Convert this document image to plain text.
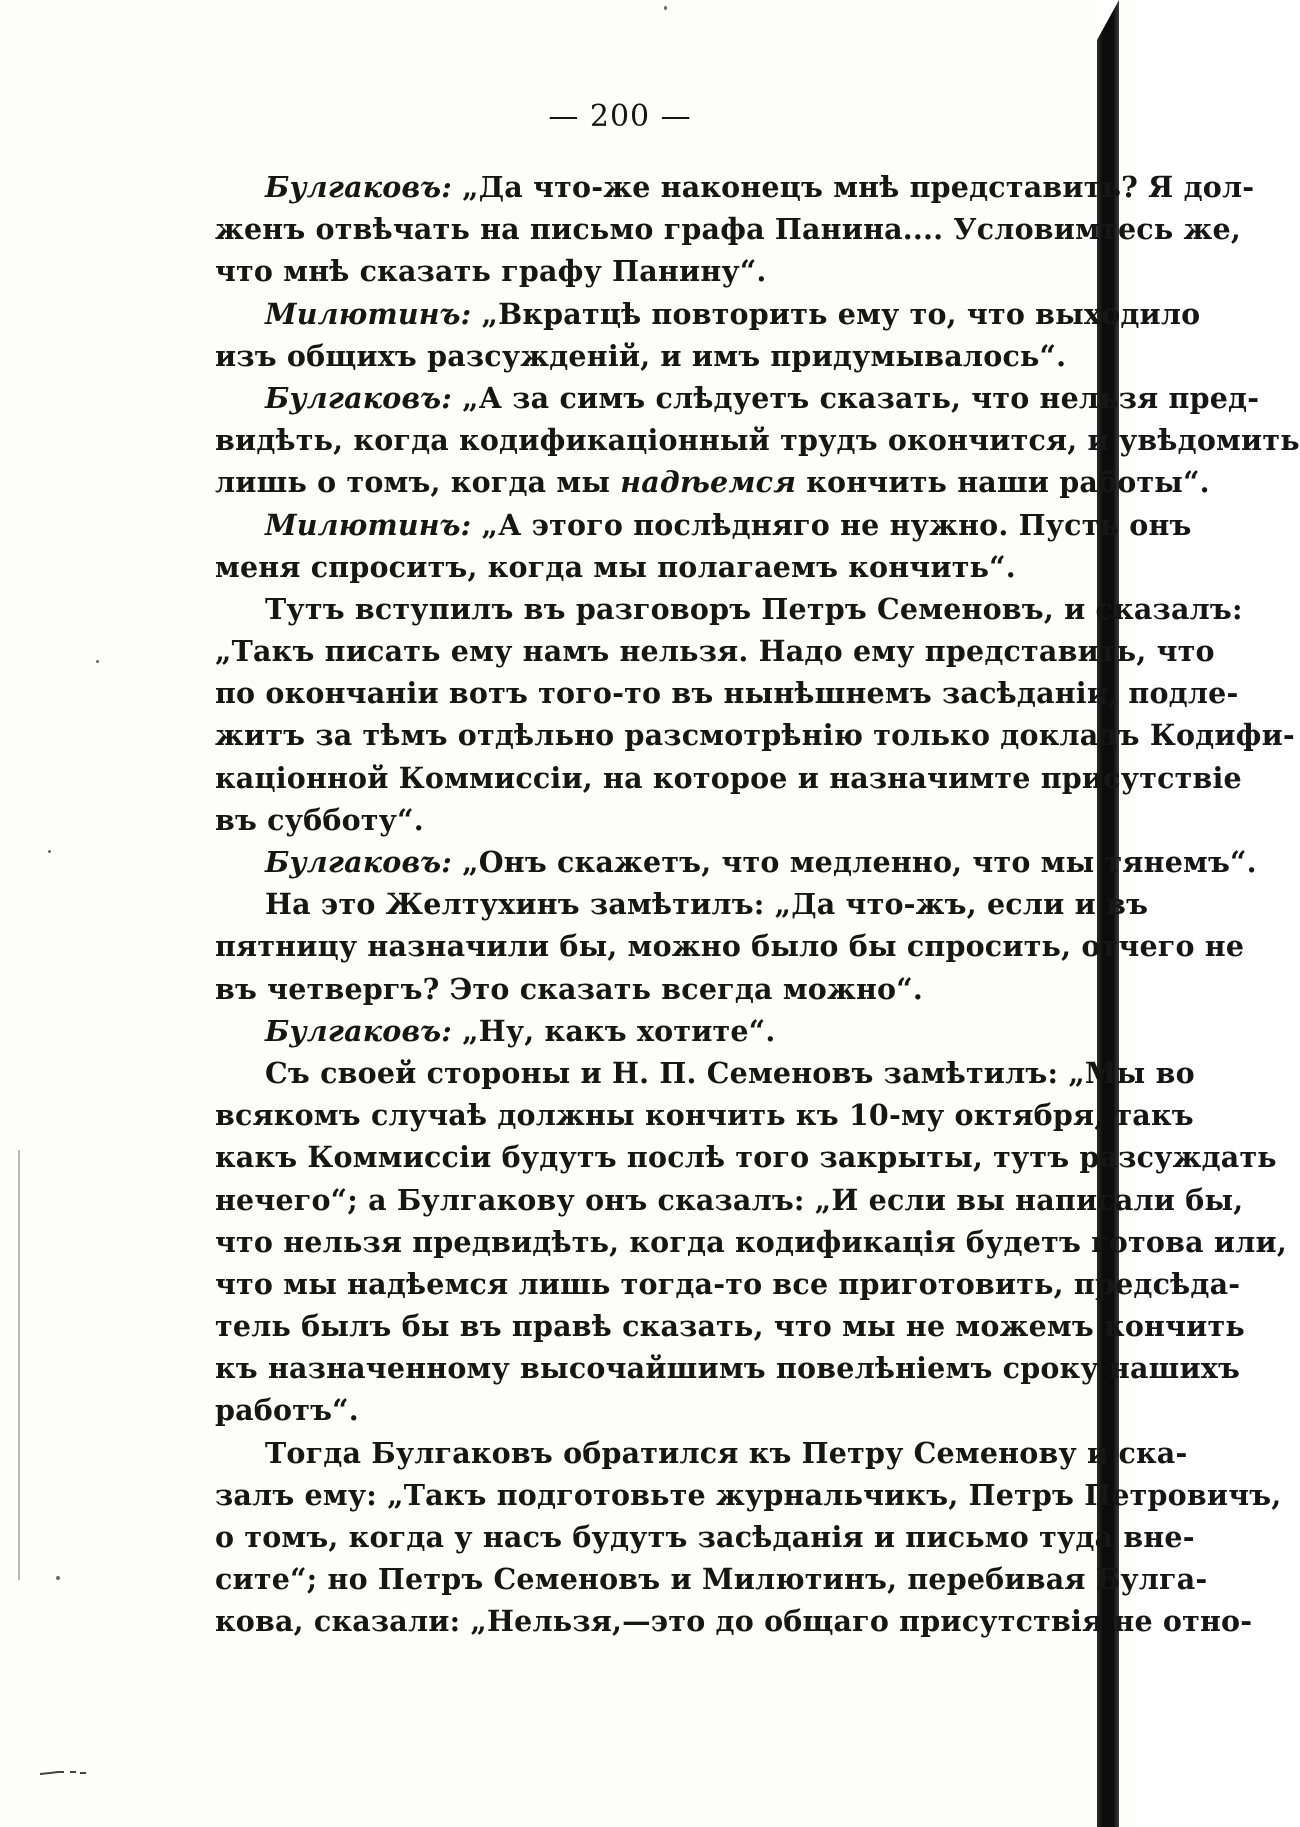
— 200 —
Булгаковъ: „Да что-же наконецъ мнѣ представить? Я дол-
женъ отвѣчать на письмо графа Панина.... Условимтесь же,
что мнѣ сказать графу Панину“.
Милютинъ: „Вкратцѣ повторить ему то, что выходило
изъ общихъ разсужденій, и имъ придумывалось“.
Булгаковъ: „А за симъ слѣдуетъ сказать, что нельзя пред-
видѣть, когда кодификаціонный трудъ окончится, и увѣдомить
лишь о томъ, когда мы надѣемся кончить наши работы“.
Милютинъ: „А этого послѣдняго не нужно. Пусть онъ
меня спроситъ, когда мы полагаемъ кончить“.
Тутъ вступилъ въ разговоръ Петръ Семеновъ, и сказалъ:
„Такъ писать ему намъ нельзя. Надо ему представить, что
по окончаніи вотъ того-то въ нынѣшнемъ засѣданіи, подле-
житъ за тѣмъ отдѣльно разсмотрѣнію только докладъ Кодифи-
каціонной Коммиссіи, на которое и назначимте присутствіе
въ субботу“.
Булгаковъ: „Онъ скажетъ, что медленно, что мы тянемъ“.
На это Желтухинъ замѣтилъ: „Да что-жъ, если и въ
пятницу назначили бы, можно было бы спросить, отчего не
въ четвергъ? Это сказать всегда можно“.
Булгаковъ: „Ну, какъ хотите“.
Съ своей стороны и Н. П. Семеновъ замѣтилъ: „Мы во
всякомъ случаѣ должны кончить къ 10-му октября, такъ
какъ Коммиссіи будутъ послѣ того закрыты, тутъ разсуждать
нечего“; а Булгакову онъ сказалъ: „И если вы написали бы,
что нельзя предвидѣть, когда кодификація будетъ готова или,
что мы надѣемся лишь тогда-то все приготовить, предсѣда-
тель былъ бы въ правѣ сказать, что мы не можемъ кончить
къ назначенному высочайшимъ повелѣніемъ сроку нашихъ
работъ“.
Тогда Булгаковъ обратился къ Петру Семенову и ска-
залъ ему: „Такъ подготовьте журнальчикъ, Петръ Петровичъ,
о томъ, когда у насъ будутъ засѣданія и письмо туда вне-
сите“; но Петръ Семеновъ и Милютинъ, перебивая Булга-
кова, сказали: „Нельзя,—это до общаго присутствія не отно-
